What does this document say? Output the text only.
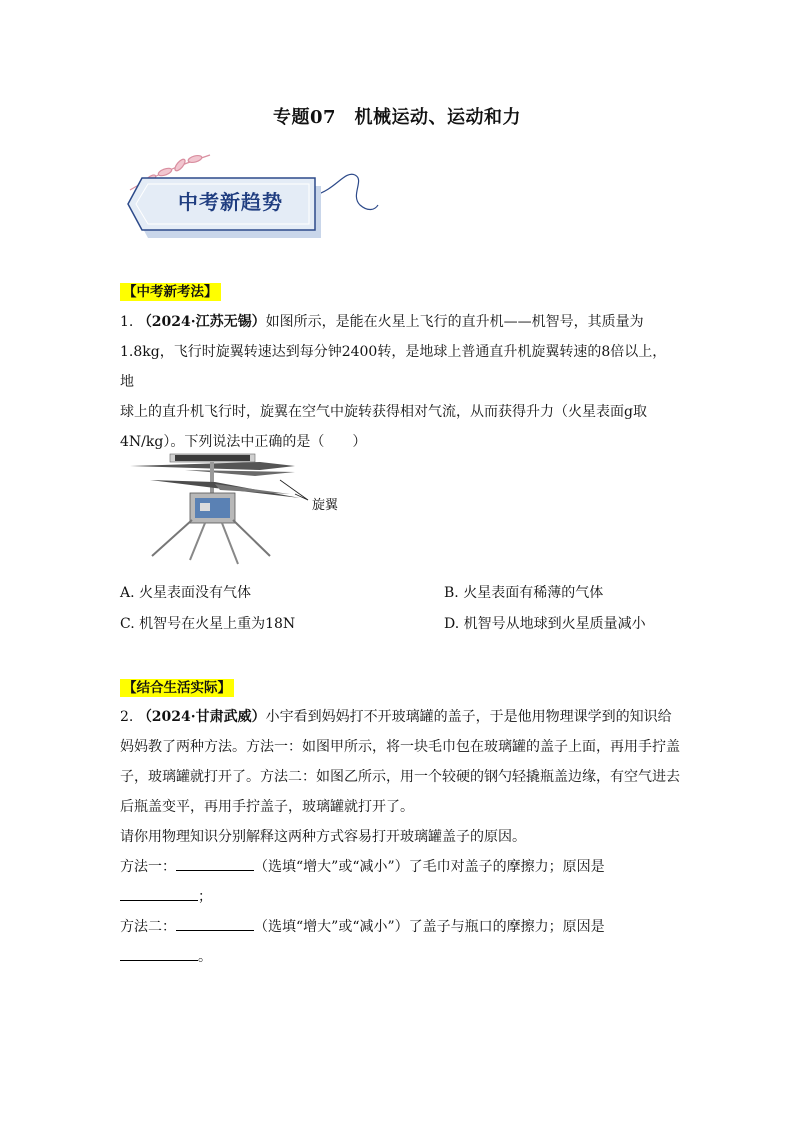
专题07　机械运动、运动和力
中考新趋势
【中考新考法】
1. （2024·江苏无锡）如图所示，是能在火星上飞行的直升机——机智号，其质量为
1.8kg，飞行时旋翼转速达到每分钟2400转，是地球上普通直升机旋翼转速的8倍以上，地
球上的直升机飞行时，旋翼在空气中旋转获得相对气流，从而获得升力（火星表面g取
4N/kg）。下列说法中正确的是（　　）
旋翼
A. 火星表面没有气体	B. 火星表面有稀薄的气体
C. 机智号在火星上重为18N	D. 机智号从地球到火星质量减小
【结合生活实际】
2. （2024·甘肃武威）小宇看到妈妈打不开玻璃罐的盖子，于是他用物理课学到的知识给
妈妈教了两种方法。方法一：如图甲所示，将一块毛巾包在玻璃罐的盖子上面，再用手拧盖
子，玻璃罐就打开了。方法二：如图乙所示，用一个较硬的钢勺轻撬瓶盖边缘，有空气进去
后瓶盖变平，再用手拧盖子，玻璃罐就打开了。
请你用物理知识分别解释这两种方式容易打开玻璃罐盖子的原因。
方法一：	（选填“增大”或“减小”）了毛巾对盖子的摩擦力；原因是
；
方法二：	（选填“增大”或“减小”）了盖子与瓶口的摩擦力；原因是
。
